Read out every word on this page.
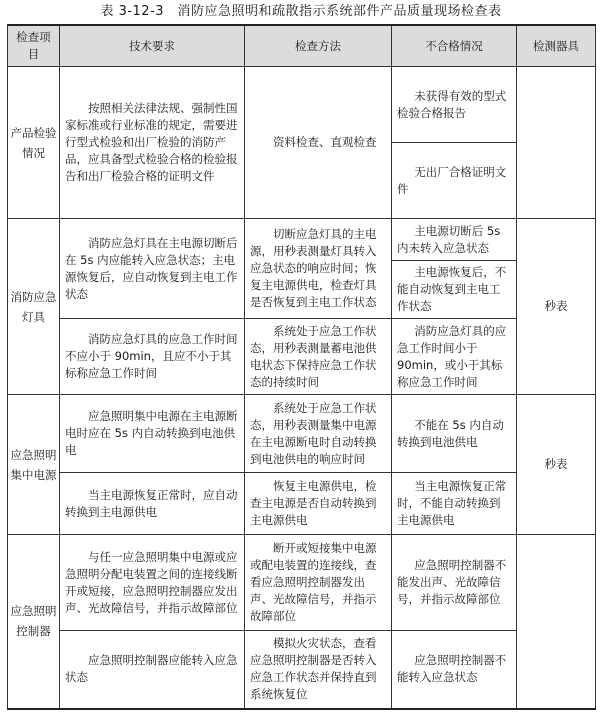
表 3-12-3　消防应急照明和疏散指示系统部件产品质量现场检查表
检查项目	技术要求	检查方法	不合格情况	检测器具
产品检验情况	按照相关法律法规、强制性国家标准或行业标准的规定，需要进行型式检验和出厂检验的消防产品，应具备型式检验合格的检验报告和出厂检验合格的证明文件	资料检查、直观检查	未获得有效的型式检验合格报告	
			无出厂合格证明文件	
消防应急灯具	消防应急灯具在主电源切断后在 5s 内应能转入应急状态；主电源恢复后，应自动恢复到主电工作状态	切断应急灯具的主电源，用秒表测量灯具转入应急状态的响应时间；恢复主电源供电，检查灯具是否恢复到主电工作状态	主电源切断后 5s 内未转入应急状态	秒表
			主电源恢复后，不能自动恢复到主电工作状态	
	消防应急灯具的应急工作时间不应小于 90min，且应不小于其标称应急工作时间	系统处于应急工作状态，用秒表测量蓄电池供电状态下保持应急工作状态的持续时间	消防应急灯具的应急工作时间小于 90min，或小于其标称应急工作时间	

应急照明集中电源	应急照明集中电源在主电源断电时应在 5s 内自动转换到电池供电	系统处于应急工作状态，用秒表测量集中电源在主电源断电时自动转换到电池供电的响应时间	不能在 5s 内自动转换到电池供电	秒表
	当主电源恢复正常时，应自动转换到主电源供电	恢复主电源供电，检查主电源是否自动转换到主电源供电	当主电源恢复正常时，不能自动转换到主电源供电	
应急照明控制器	与任一应急照明集中电源或应急照明分配电装置之间的连接线断开或短接，应急照明控制器应发出声、光故障信号，并指示故障部位	断开或短接集中电源或配电装置的连接线，查看应急照明控制器发出声、光故障信号，并指示故障部位	应急照明控制器不能发出声、光故障信号，并指示故障部位	
	应急照明控制器应能转入应急状态	模拟火灾状态，查看应急照明控制器是否转入应急工作状态并保持直到系统恢复位	应急照明控制器不能转入应急状态	
